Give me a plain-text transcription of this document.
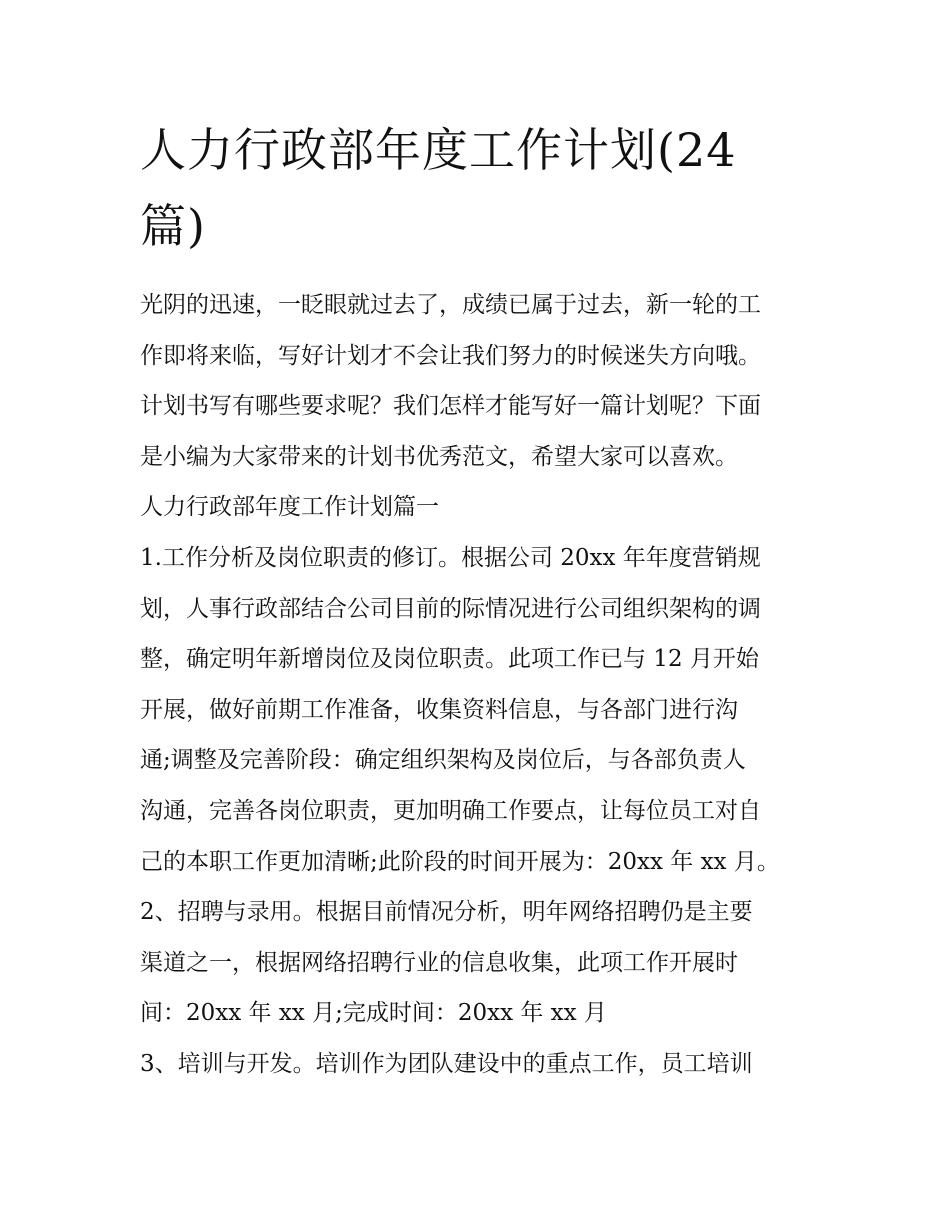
人力行政部年度工作计划(24
篇)

光阴的迅速，一眨眼就过去了，成绩已属于过去，新一轮的工

作即将来临，写好计划才不会让我们努力的时候迷失方向哦。

计划书写有哪些要求呢？我们怎样才能写好一篇计划呢？下面

是小编为大家带来的计划书优秀范文，希望大家可以喜欢。

人力行政部年度工作计划篇一

1.工作分析及岗位职责的修订。根据公司 20xx 年年度营销规

划，人事行政部结合公司目前的际情况进行公司组织架构的调

整，确定明年新增岗位及岗位职责。此项工作已与 12 月开始

开展，做好前期工作准备，收集资料信息，与各部门进行沟

通;调整及完善阶段：确定组织架构及岗位后，与各部负责人

沟通，完善各岗位职责，更加明确工作要点，让每位员工对自

己的本职工作更加清晰;此阶段的时间开展为：20xx 年 xx 月。

2、招聘与录用。根据目前情况分析，明年网络招聘仍是主要

渠道之一，根据网络招聘行业的信息收集，此项工作开展时

间：20xx 年 xx 月;完成时间：20xx 年 xx 月

3、培训与开发。培训作为团队建设中的重点工作，员工培训
